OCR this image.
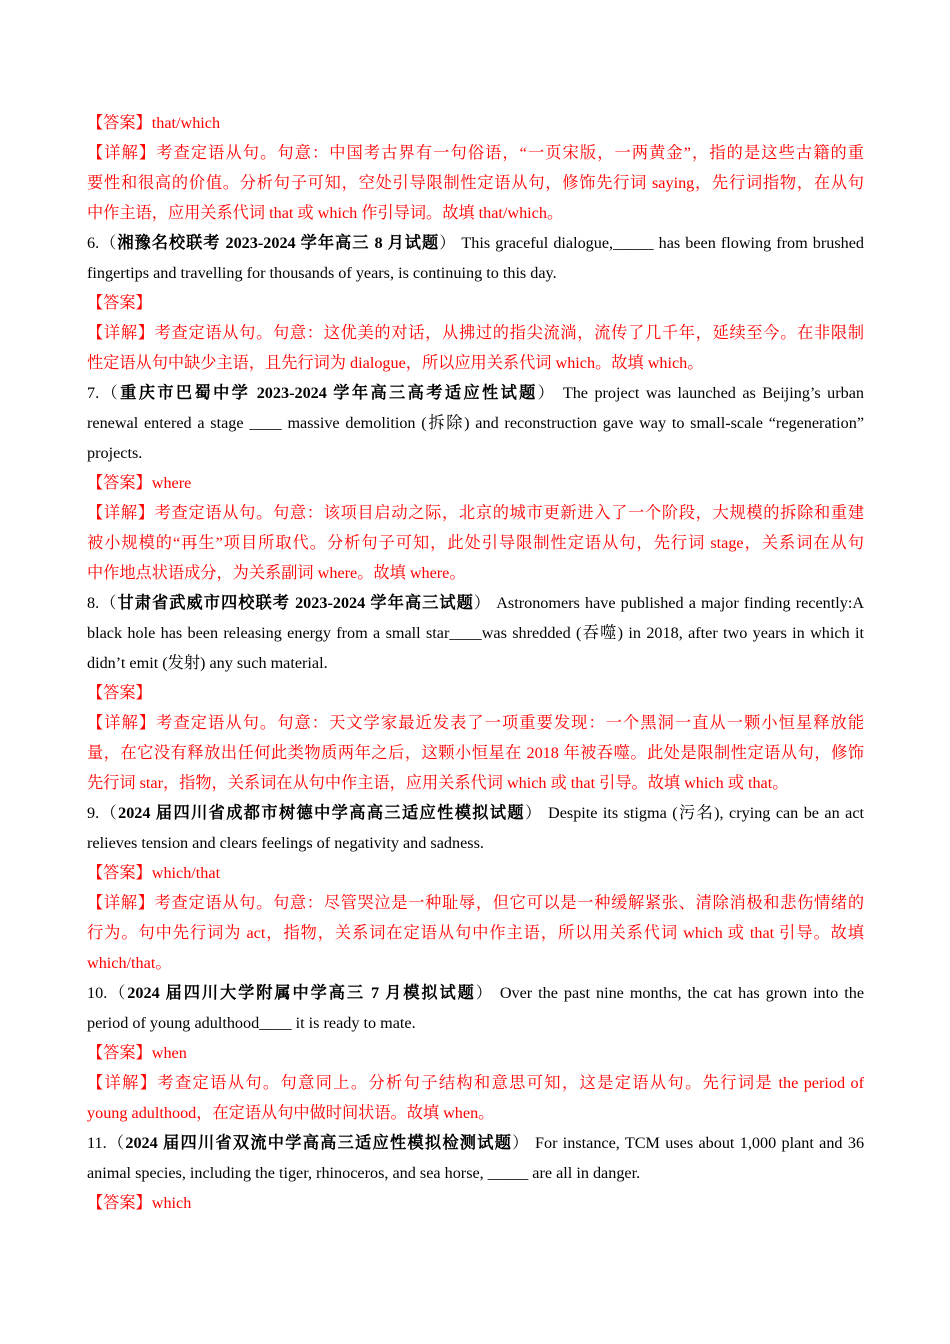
【答案】that/which
【详解】考查定语从句。句意：中国考古界有一句俗语，“一页宋版，一两黄金”，指的是这些古籍的重
要性和很高的价值。分析句子可知，空处引导限制性定语从句，修饰先行词 saying，先行词指物，在从句
中作主语，应用关系代词 that 或 which 作引导词。故填 that/which。
6.（湘豫名校联考 2023-2024 学年高三 8 月试题） This graceful dialogue,_____ has been flowing from brushed
fingertips and travelling for thousands of years, is continuing to this day.
【答案】
【详解】考查定语从句。句意：这优美的对话，从拂过的指尖流淌，流传了几千年，延续至今。在非限制
性定语从句中缺少主语，且先行词为 dialogue，所以应用关系代词 which。故填 which。
7.（重庆市巴蜀中学 2023-2024 学年高三高考适应性试题） The project was launched as Beijing’s urban
renewal entered a stage ____ massive demolition (拆除) and reconstruction gave way to small-scale “regeneration”
projects.
【答案】where
【详解】考查定语从句。句意：该项目启动之际，北京的城市更新进入了一个阶段，大规模的拆除和重建
被小规模的“再生”项目所取代。分析句子可知，此处引导限制性定语从句，先行词 stage，关系词在从句
中作地点状语成分，为关系副词 where。故填 where。
8.（甘肃省武威市四校联考 2023-2024 学年高三试题） Astronomers have published a major finding recently:A
black hole has been releasing energy from a small star____was shredded (吞噬) in 2018, after two years in which it
didn’t emit (发射) any such material.
【答案】
【详解】考查定语从句。句意：天文学家最近发表了一项重要发现：一个黑洞一直从一颗小恒星释放能
量，在它没有释放出任何此类物质两年之后，这颗小恒星在 2018 年被吞噬。此处是限制性定语从句，修饰
先行词 star，指物，关系词在从句中作主语，应用关系代词 which 或 that 引导。故填 which 或 that。
9.（2024 届四川省成都市树德中学高高三适应性模拟试题） Despite its stigma (污名), crying can be an act
relieves tension and clears feelings of negativity and sadness.
【答案】which/that
【详解】考查定语从句。句意：尽管哭泣是一种耻辱，但它可以是一种缓解紧张、清除消极和悲伤情绪的
行为。句中先行词为 act，指物，关系词在定语从句中作主语，所以用关系代词 which 或 that 引导。故填
which/that。
10.（2024 届四川大学附属中学高三 7 月模拟试题） Over the past nine months, the cat has grown into the
period of young adulthood____ it is ready to mate.
【答案】when
【详解】考查定语从句。句意同上。分析句子结构和意思可知，这是定语从句。先行词是 the period of
young adulthood，在定语从句中做时间状语。故填 when。
11.（2024 届四川省双流中学高高三适应性模拟检测试题） For instance, TCM uses about 1,000 plant and 36
animal species, including the tiger, rhinoceros, and sea horse, _____ are all in danger.
【答案】which
